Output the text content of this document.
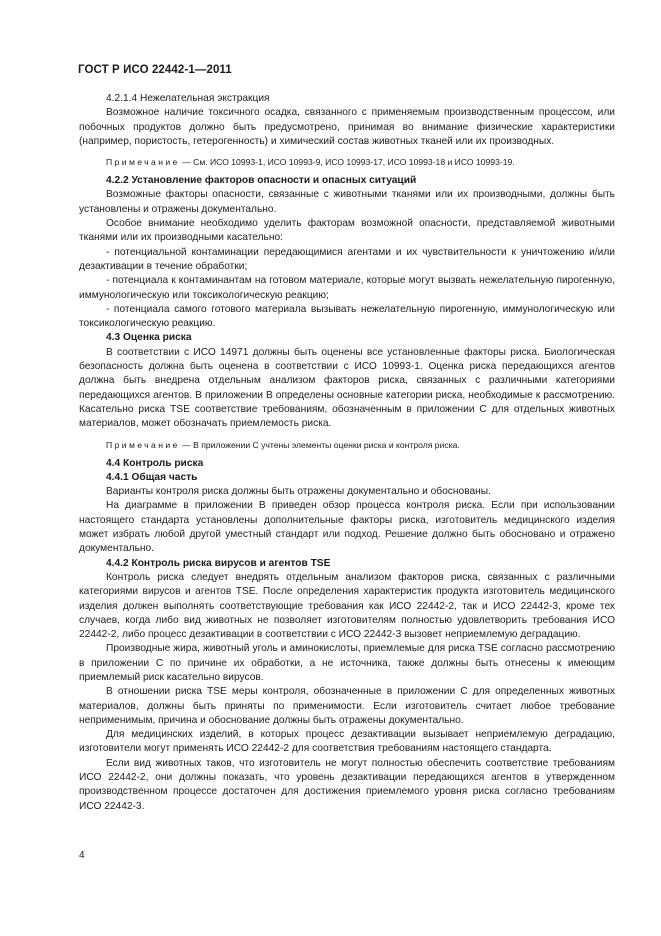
ГОСТ Р ИСО 22442-1—2011

4.2.1.4 Нежелательная экстракция

Возможное наличие токсичного осадка, связанного с применяемым производственным процессом, или побочных продуктов должно быть предусмотрено, принимая во внимание физические характеристики (например, пористость, гетерогенность) и химический состав животных тканей или их производных.

Примечание — См. ИСО 10993-1, ИСО 10993-9, ИСО 10993-17, ИСО 10993-18 и ИСО 10993-19.

4.2.2 Установление факторов опасности и опасных ситуаций

Возможные факторы опасности, связанные с животными тканями или их производными, должны быть установлены и отражены документально.

Особое внимание необходимо уделить факторам возможной опасности, представляемой животными тканями или их производными касательно:

- потенциальной контаминации передающимися агентами и их чувствительности к уничтожению и/или дезактивации в течение обработки;

- потенциала к контаминантам на готовом материале, которые могут вызвать нежелательную пирогенную, иммунологическую или токсикологическую реакцию;

- потенциала самого готового материала вызывать нежелательную пирогенную, иммунологическую или токсикологическую реакцию.

4.3 Оценка риска

В соответствии с ИСО 14971 должны быть оценены все установленные факторы риска. Биологическая безопасность должна быть оценена в соответствии с ИСО 10993-1. Оценка риска передающихся агентов должна быть внедрена отдельным анализом факторов риска, связанных с различными категориями передающихся агентов. В приложении В определены основные категории риска, необходимые к рассмотрению. Касательно риска TSE соответствие требованиям, обозначенным в приложении С для отдельных животных материалов, может обозначать приемлемость риска.

Примечание — В приложении С учтены элементы оценки риска и контроля риска.

4.4 Контроль риска

4.4.1 Общая часть

Варианты контроля риска должны быть отражены документально и обоснованы.

На диаграмме в приложении В приведен обзор процесса контроля риска. Если при использовании настоящего стандарта установлены дополнительные факторы риска, изготовитель медицинского изделия может избрать любой другой уместный стандарт или подход. Решение должно быть обосновано и отражено документально.

4.4.2 Контроль риска вирусов и агентов TSE

Контроль риска следует внедрять отдельным анализом факторов риска, связанных с различными категориями вирусов и агентов TSE. После определения характеристик продукта изготовитель медицинского изделия должен выполнять соответствующие требования как ИСО 22442-2, так и ИСО 22442-3, кроме тех случаев, когда либо вид животных не позволяет изготовителям полностью удовлетворить требования ИСО 22442-2, либо процесс дезактивации в соответствии с ИСО 22442-3 вызовет неприемлемую деградацию.

Производные жира, животный уголь и аминокислоты, приемлемые для риска TSE согласно рассмотрению в приложении С по причине их обработки, а не источника, также должны быть отнесены к имеющим приемлемый риск касательно вирусов.

В отношении риска TSE меры контроля, обозначенные в приложении С для определенных животных материалов, должны быть приняты по применимости. Если изготовитель считает любое требование неприменимым, причина и обоснование должны быть отражены документально.

Для медицинских изделий, в которых процесс дезактивации вызывает неприемлемую деградацию, изготовители могут применять ИСО 22442-2 для соответствия требованиям настоящего стандарта.

Если вид животных таков, что изготовитель не могут полностью обеспечить соответствие требованиям ИСО 22442-2, они должны показать, что уровень дезактивации передающихся агентов в утвержденном производственном процессе достаточен для достижения приемлемого уровня риска согласно требованиям ИСО 22442-3.

4
